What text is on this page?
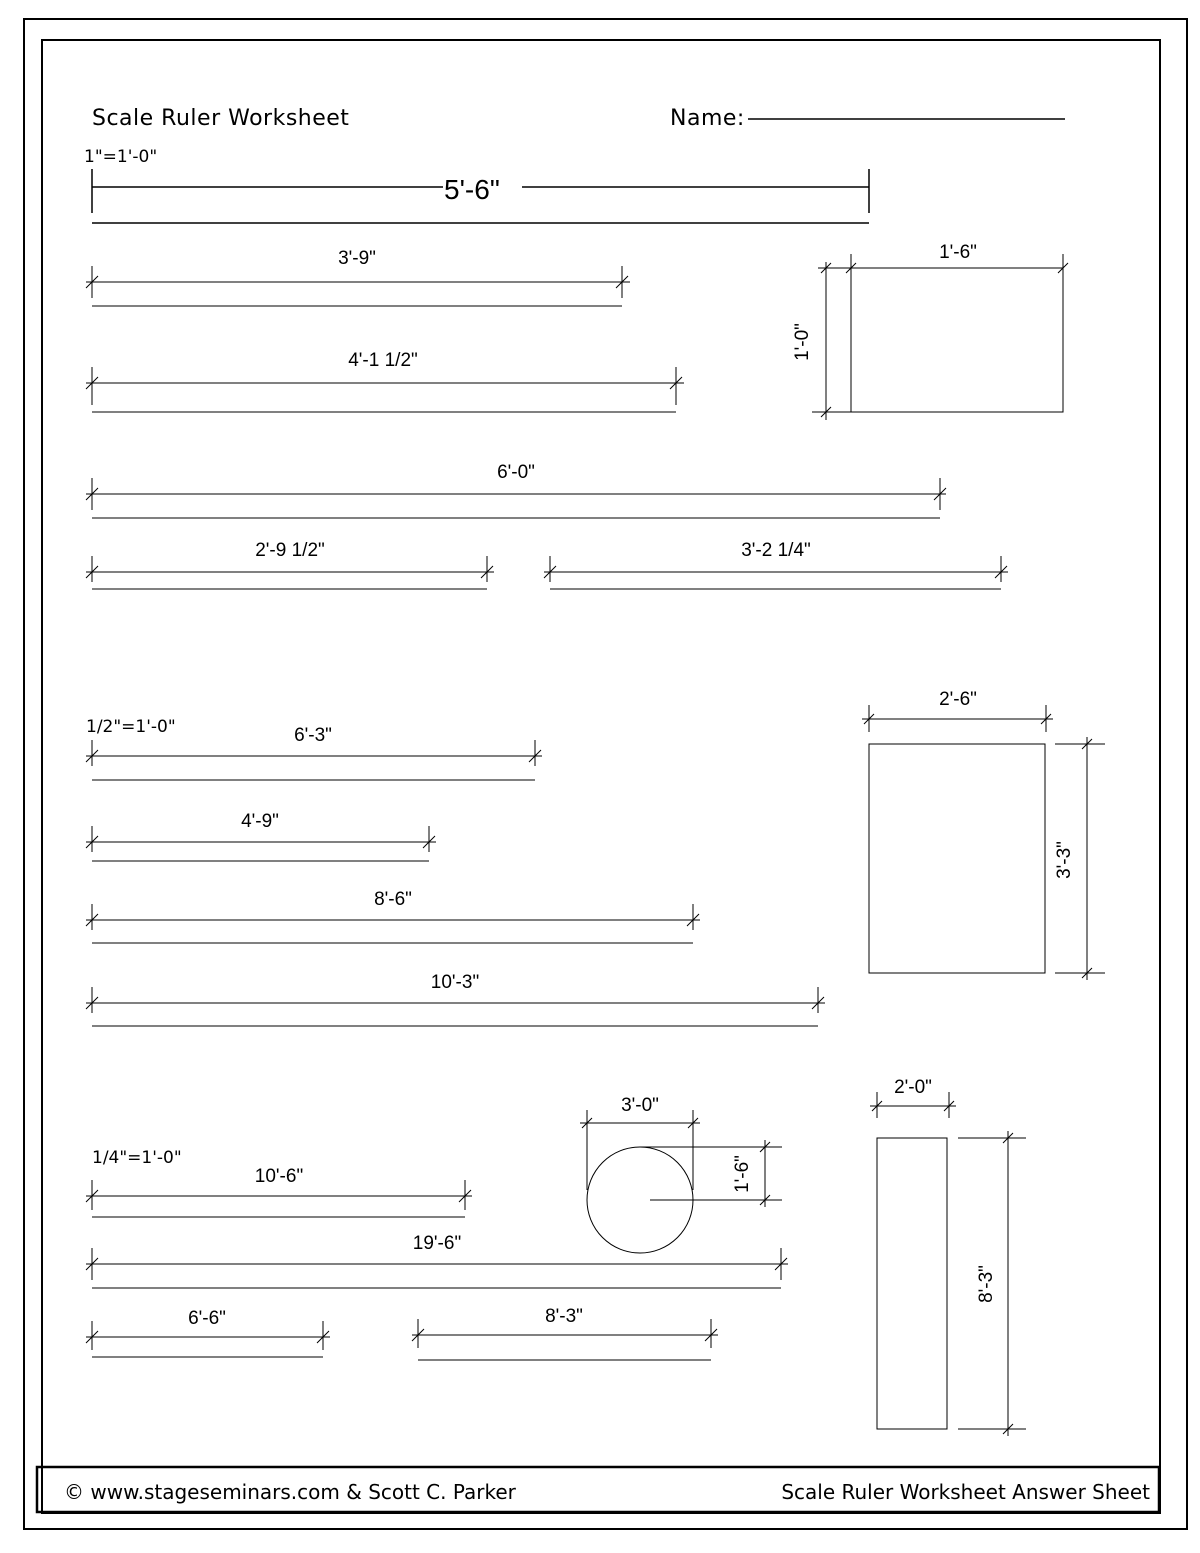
Scale Ruler Worksheet	Name:
1"=1'-0"
5'-6"
3'-9"
4'-1 1/2"
6'-0"
2'-9 1/2"	3'-2 1/4"
1'-6"
1'-0"
1/2"=1'-0"	6'-3"
4'-9"
8'-6"
10'-3"
2'-6"
3'-3"
1/4"=1'-0"
10'-6"
19'-6"
6'-6"	8'-3"
3'-0"
1'-6"
2'-0"
8'-3"
© www.stageseminars.com & Scott C. Parker	Scale Ruler Worksheet Answer Sheet
